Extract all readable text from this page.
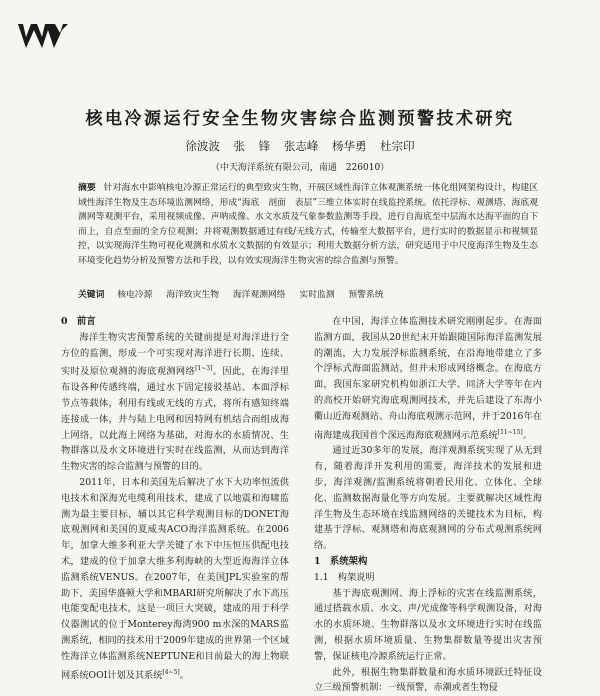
核电冷源运行安全生物灾害综合监测预警技术研究
徐波波 张 锋 张志峰 杨华勇 杜宗印
（中天海洋系统有限公司，南通　226010）

摘要 针对海水中影响核电冷源正常运行的典型致灾生物，开展区域性海洋立体观测系统一体化组网架构设计，构建区域性海洋生物及生态环境监测网络，形成“海底　剖面　表层”三维立体实时在线监控系统。依托浮标、观测塔、海底观测网等观测平台，采用视频成像、声呐成像、水文水质及气象参数监测等手段，进行自海底至中层海水达海平面的自下而上，自点至面的全方位观测；并将观测数据通过有线/无线方式，传输至大数据平台，进行实时的数据显示和视频显控，以实现海洋生物可视化观测和水质水文数据的有效显示；利用大数据分析方法，研究适用于中尺度海洋生物及生态环境变化趋势分析及预警方法和手段，以有效实现海洋生物灾害的综合监测与预警。

关键词 核电冷源 海洋致灾生物 海洋观测网络 实时监测 预警系统

0　前言

海洋生物灾害预警系统的关键前提是对海洋进行全方位的监测，形成一个可实现对海洋进行长期、连续、实时及原位观测的海底观测网络[1~3]。因此，在海洋里布设各种传感终端，通过水下固定接驳基站、本面浮标节点等载体，利用有线或无线的方式，将所有感知终端连接成一体，并与陆上电网和因特网有机结合而组成海上网络，以此海上网络为基础，对海水的水质情况、生物群落以及水文环境进行实时在线监测，从而达到海洋生物灾害的综合监测与预警的目的。

2011年，日本和美国先后解决了水下大功率恒流供电技术和深海光电缆利用技术，建成了以地震和海啸监测为最主要目标，辅以其它科学观测目标的DONET海底观测网和美国的夏威夷ACO海洋监测系统。在2006年，加拿大维多利亚大学关键了水下中压恒压供配电技术，建成的位于加拿大维多利海峡的大型近海海洋立体监测系统VENUS。在2007年，在美国JPL实验室的帮助下，美国华盛顿大学和MBARI研究所解决了水下高压电能变配电技术，这是一项巨大突破，建成的用于科学仪器测试的位于Monterey海湾900 m水深的MARS监测系统，相同的技术用于2009年建成的世界第一个区域性海洋立体监测系统NEPTUNE和目前最大的海上物联网系统OOI计划及其系统[4~5]。

在中国，海洋立体监测技术研究刚刚起步。在海面监测方面，我国从20世纪末开始跟随国际海洋监测发展的潮流，大力发展浮标监测系统，在沿海地带建立了多个浮标式海面监测站，但并未形成网络概念。在海底方面，我国东家研究机构如浙江大学、同济大学等年在内的高校开始研究海底观测网技术，并先后建设了东海小衢山近海观测站、舟山海底观测示范网，并于2016年在南海建成我国首个深远海海底观测网示范系统[11~15]。

通过近30多年的发展，海洋观测系统实现了从无到有，随着海洋开发利用的需要，海洋技术的发展和进步，海洋观测/监测系统将朝着民用化、立体化、全球化、监测数据海量化等方向发展。主要就解决区域性海洋生物及生态环境在线监测网络的关键技术为目标，构建基于浮标、观测塔和海底观测网的分布式观测系统网络。

1　系统架构
1.1　构架说明

基于海底观测网、海上浮标的灾害在线监测系统，通过搭载水质、水文、声/光成像等科学观测设备，对海水的水质环境、生物群落以及水文环境进行实时在线监测，根据水质环境质量、生物集群数量等提出灾害预警，保证核电冷源系统运行正常。

此外，根据生物集群数量和海水质环境跃迁特征设立三级预警机制：一级预警，赤潮或者生物侵
